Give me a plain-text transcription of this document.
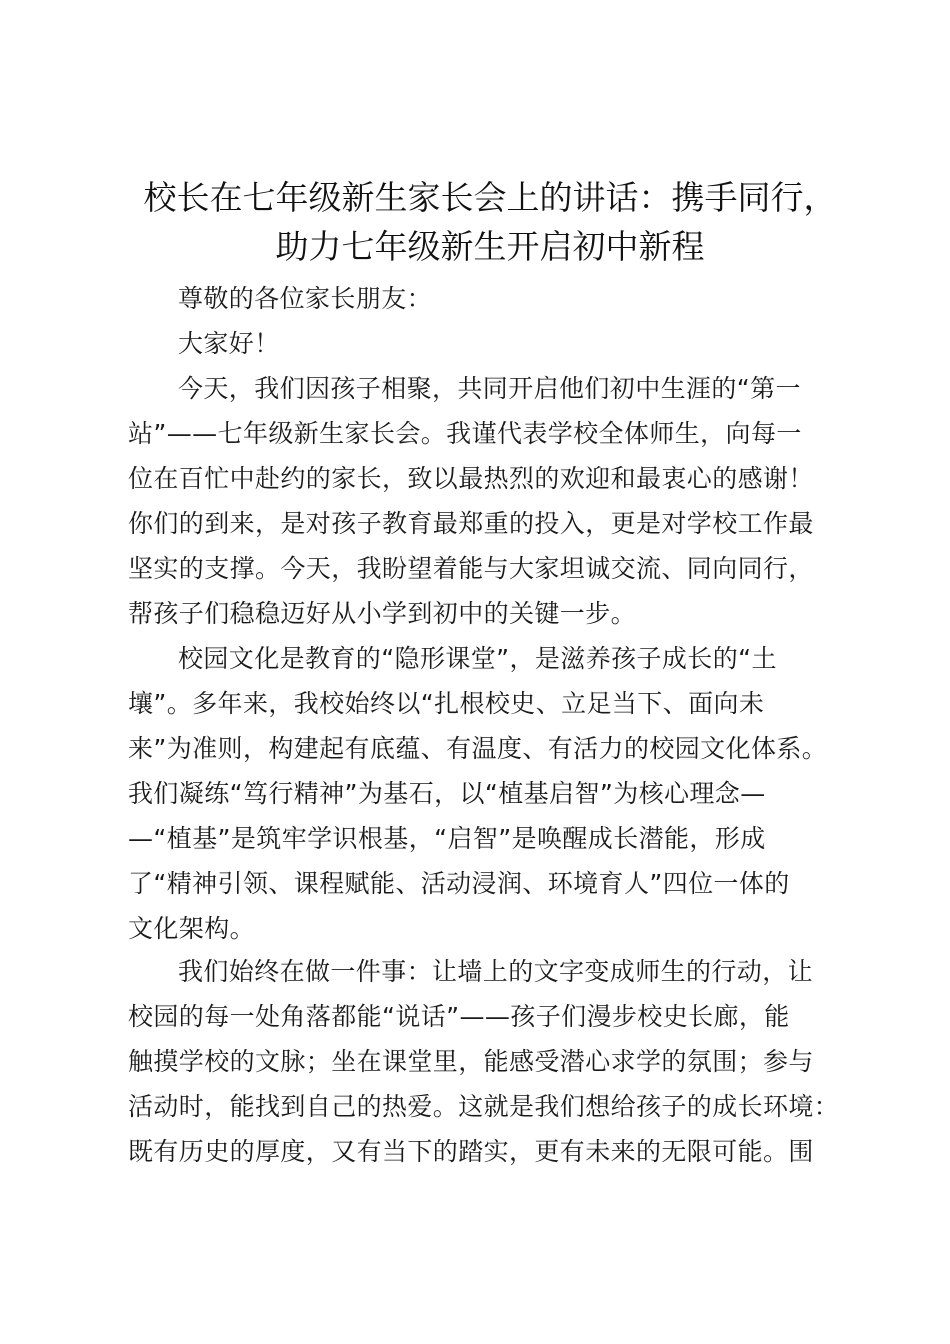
校长在七年级新生家长会上的讲话：携手同行，
助力七年级新生开启初中新程

尊敬的各位家长朋友：

大家好！

今天，我们因孩子相聚，共同开启他们初中生涯的“第一
站”——七年级新生家长会。我谨代表学校全体师生，向每一
位在百忙中赴约的家长，致以最热烈的欢迎和最衷心的感谢！
你们的到来，是对孩子教育最郑重的投入，更是对学校工作最
坚实的支撑。今天，我盼望着能与大家坦诚交流、同向同行，
帮孩子们稳稳迈好从小学到初中的关键一步。

校园文化是教育的“隐形课堂”，是滋养孩子成长的“土
壤”。多年来，我校始终以“扎根校史、立足当下、面向未
来”为准则，构建起有底蕴、有温度、有活力的校园文化体系。
我们凝练“笃行精神”为基石，以“植基启智”为核心理念—
—“植基”是筑牢学识根基，“启智”是唤醒成长潜能，形成
了“精神引领、课程赋能、活动浸润、环境育人”四位一体的
文化架构。

我们始终在做一件事：让墙上的文字变成师生的行动，让
校园的每一处角落都能“说话”——孩子们漫步校史长廊，能
触摸学校的文脉；坐在课堂里，能感受潜心求学的氛围；参与
活动时，能找到自己的热爱。这就是我们想给孩子的成长环境：
既有历史的厚度，又有当下的踏实，更有未来的无限可能。围
